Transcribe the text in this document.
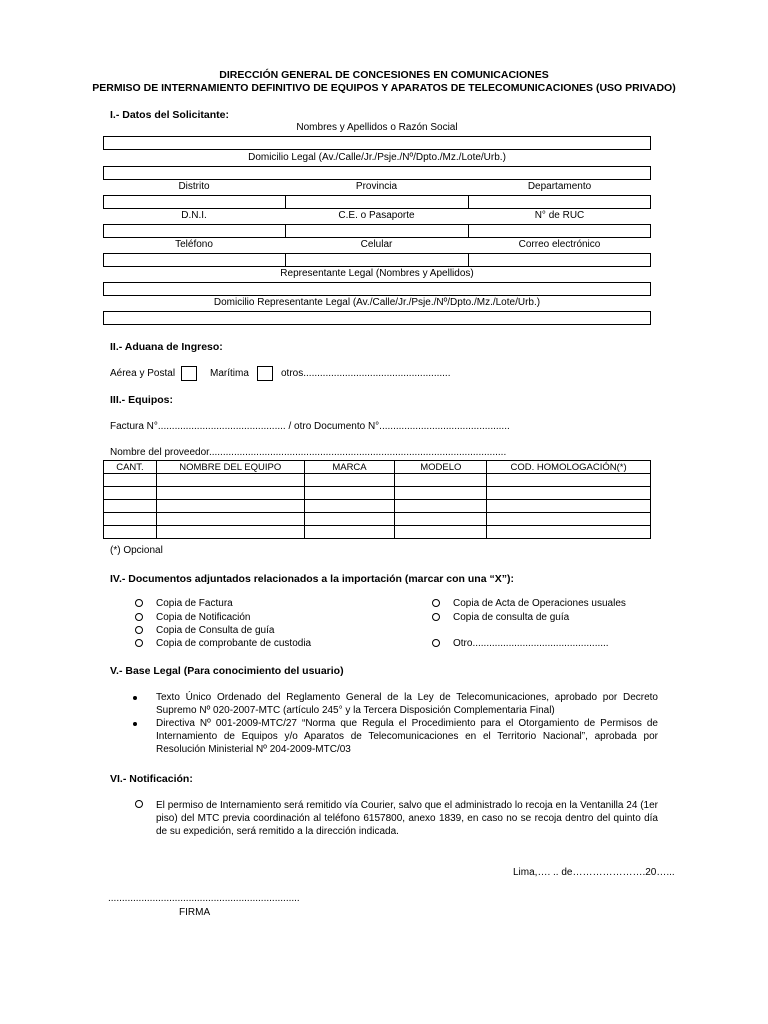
DIRECCIÓN GENERAL DE CONCESIONES EN COMUNICACIONES
PERMISO DE INTERNAMIENTO DEFINITIVO DE EQUIPOS Y APARATOS DE TELECOMUNICACIONES (USO PRIVADO)
I.- Datos del Solicitante:
Nombres y Apellidos o Razón Social
Domicilio Legal (Av./Calle/Jr./Psje./Nº/Dpto./Mz./Lote/Urb.)
Distrito	Provincia	Departamento
D.N.I.	C.E. o Pasaporte	N° de RUC
Teléfono	Celular	Correo electrónico
Representante Legal (Nombres y Apellidos)
Domicilio Representante Legal (Av./Calle/Jr./Psje./Nº/Dpto./Mz./Lote/Urb.)
II.- Aduana de Ingreso:
Aérea y Postal	Marítima	otros.....................................................
III.- Equipos:
Factura N°.............................................. / otro Documento N°...............................................
Nombre del proveedor...........................................................................................................
CANT.	NOMBRE DEL EQUIPO	MARCA	MODELO	COD. HOMOLOGACIÓN(*)

(*) Opcional
IV.- Documentos adjuntados relacionados a la importación (marcar con una “X”):
Copia de Factura
Copia de Notificación
Copia de Consulta de guía
Copia de comprobante de custodia
Copia de Acta de Operaciones usuales
Copia de consulta de guía
Otro.................................................
V.- Base Legal (Para conocimiento del usuario)
Texto Único Ordenado del Reglamento General de la Ley de Telecomunicaciones, aprobado por Decreto Supremo Nº 020-2007-MTC (artículo 245° y la Tercera Disposición Complementaria Final)
Directiva Nº 001-2009-MTC/27 “Norma que Regula el Procedimiento para el Otorgamiento de Permisos de Internamiento de Equipos y/o Aparatos de Telecomunicaciones en el Territorio Nacional”, aprobada por Resolución Ministerial Nº 204-2009-MTC/03
VI.- Notificación:
El permiso de Internamiento será remitido vía Courier, salvo que el administrado lo recoja en la Ventanilla 24 (1er piso) del MTC previa coordinación al teléfono 6157800, anexo 1839, en caso no se recoja dentro del quinto día de su expedición, será remitido a la dirección indicada.
Lima,…. .. de………………….20…...
.....................................................................
FIRMA
